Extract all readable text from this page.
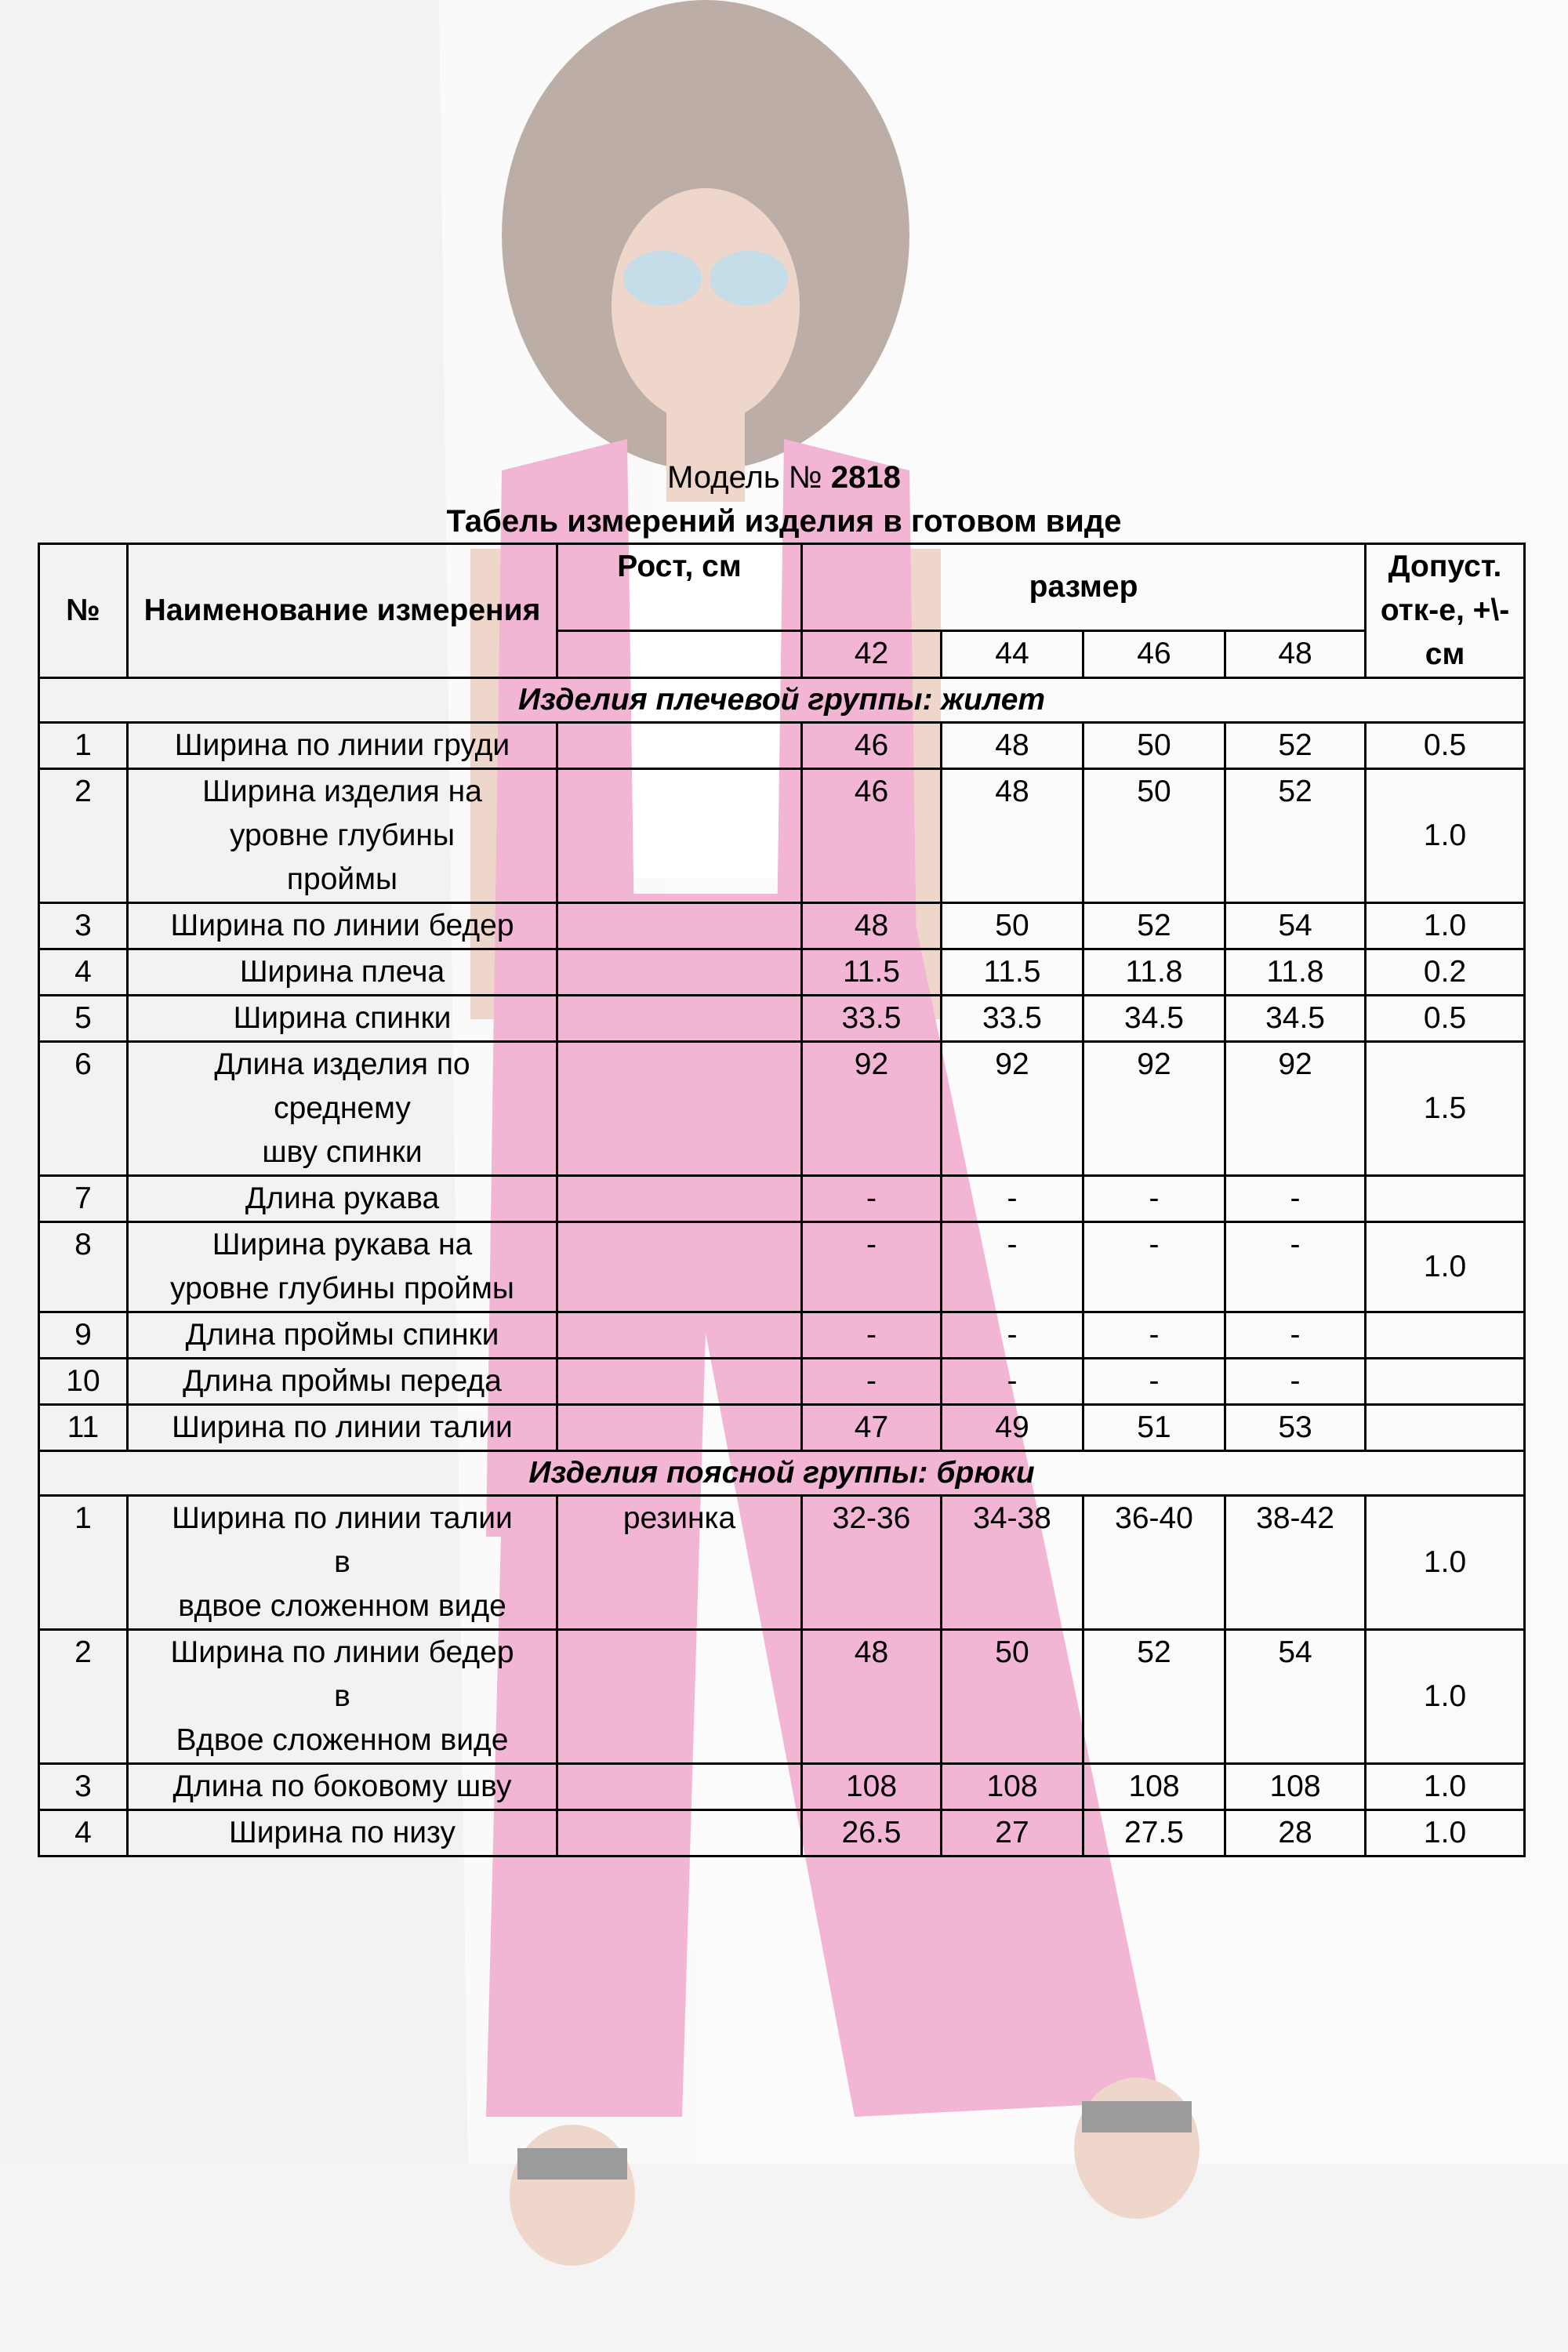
Модель № 2818
Табель измерений изделия в готовом виде
№	Наименование измерения	Рост, см	размер				Допуст. отк-е, +\-см
			42	44	46	48	
Изделия плечевой группы: жилет							
1	Ширина по линии груди		46	48	50	52	0.5
2	Ширина изделия на
уровне глубины
проймы		46	48	50	52	1.0
3	Ширина по линии бедер		48	50	52	54	1.0
4	Ширина плеча		11.5	11.5	11.8	11.8	0.2
5	Ширина спинки		33.5	33.5	34.5	34.5	0.5
6	Длина изделия по
среднему
шву спинки		92	92	92	92	1.5
7	Длина рукава		-	-	-	-	
8	Ширина рукава на
уровне глубины проймы		-	-	-	-	1.0
9	Длина проймы спинки		-	-	-	-	
10	Длина проймы переда		-	-	-	-	
11	Ширина по линии талии		47	49	51	53	
Изделия поясной группы: брюки							
1	Ширина по линии талии
в
вдвое сложенном виде	резинка	32-36	34-38	36-40	38-42	1.0
2	Ширина по линии бедер
в
Вдвое сложенном виде		48	50	52	54	1.0
3	Длина по боковому шву		108	108	108	108	1.0
4	Ширина по низу		26.5	27	27.5	28	1.0
